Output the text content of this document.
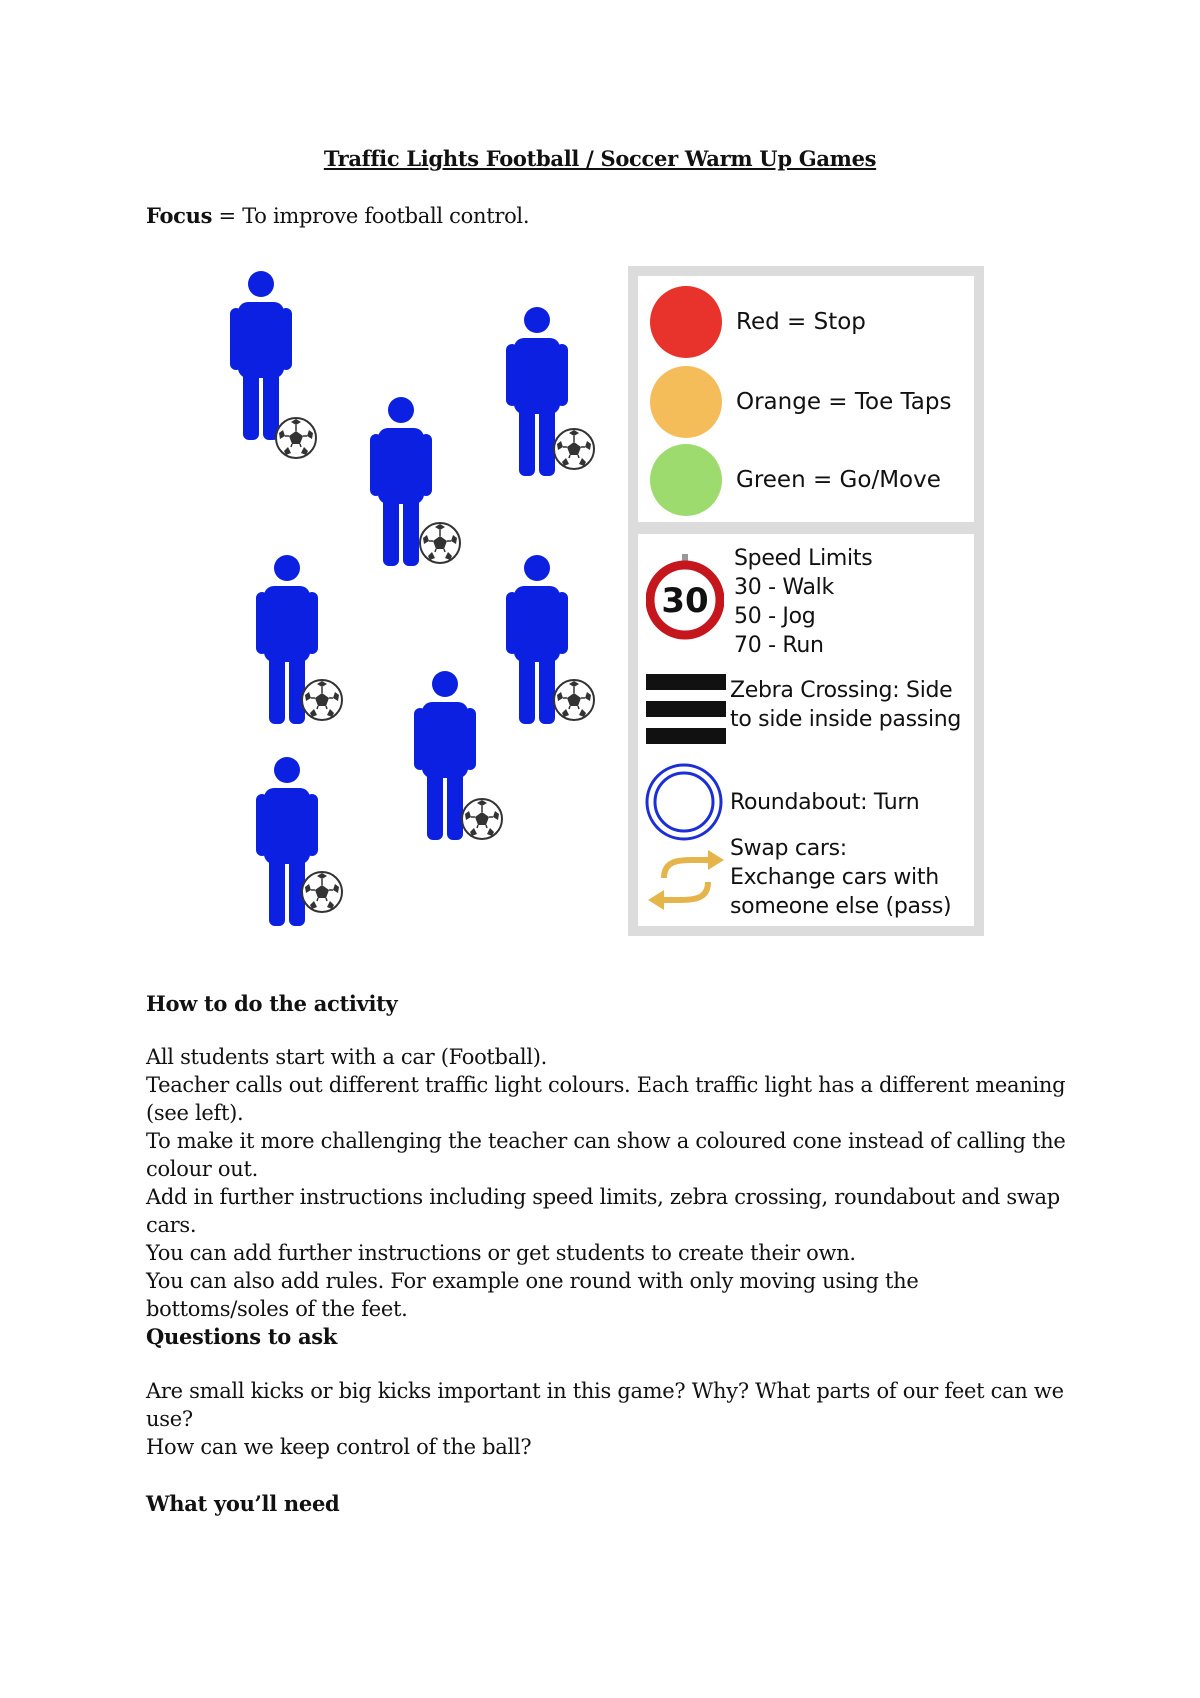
Traffic Lights Football / Soccer Warm Up Games
Focus = To improve football control.
Red = Stop
Orange = Toe Taps
Green = Go/Move
30
Speed Limits
30 - Walk
50 - Jog
70 - Run
Zebra Crossing: Side
to side inside passing
Roundabout: Turn
Swap cars:
Exchange cars with
someone else (pass)
How to do the activity

All students start with a car (Football).

Teacher calls out different traffic light colours. Each traffic light has a different meaning (see left).

To make it more challenging the teacher can show a coloured cone instead of calling the colour out.

Add in further instructions including speed limits, zebra crossing, roundabout and swap cars.

You can add further instructions or get students to create their own.

You can also add rules. For example one round with only moving using the bottoms/soles of the feet.

Questions to ask

Are small kicks or big kicks important in this game? Why? What parts of our feet can we use?

How can we keep control of the ball?

What you’ll need
